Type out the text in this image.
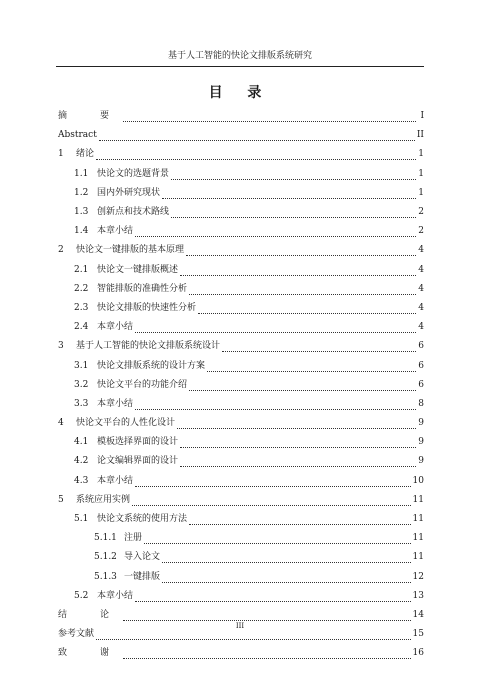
基于人工智能的快论文排版系统研究
目 录
摘　要	I
Abstract	II
1	绪论	1
1.1 快论文的选题背景	1
1.2 国内外研究现状	1
1.3 创新点和技术路线	2
1.4 本章小结	2
2	快论文一键排版的基本原理	4
2.1 快论文一键排版概述	4
2.2 智能排版的准确性分析	4
2.3 快论文排版的快速性分析	4
2.4 本章小结	4
3	基于人工智能的快论文排版系统设计	6
3.1 快论文排版系统的设计方案	6
3.2 快论文平台的功能介绍	6
3.3 本章小结	8
4	快论文平台的人性化设计	9
4.1 模板选择界面的设计	9
4.2 论文编辑界面的设计	9
4.3 本章小结	10
5	系统应用实例	11
5.1 快论文系统的使用方法	11
5.1.1 注册	11
5.1.2 导入论文	11
5.1.3 一键排版	12
5.2 本章小结	13
结　论	14
参考文献	15
致　谢	16
III
